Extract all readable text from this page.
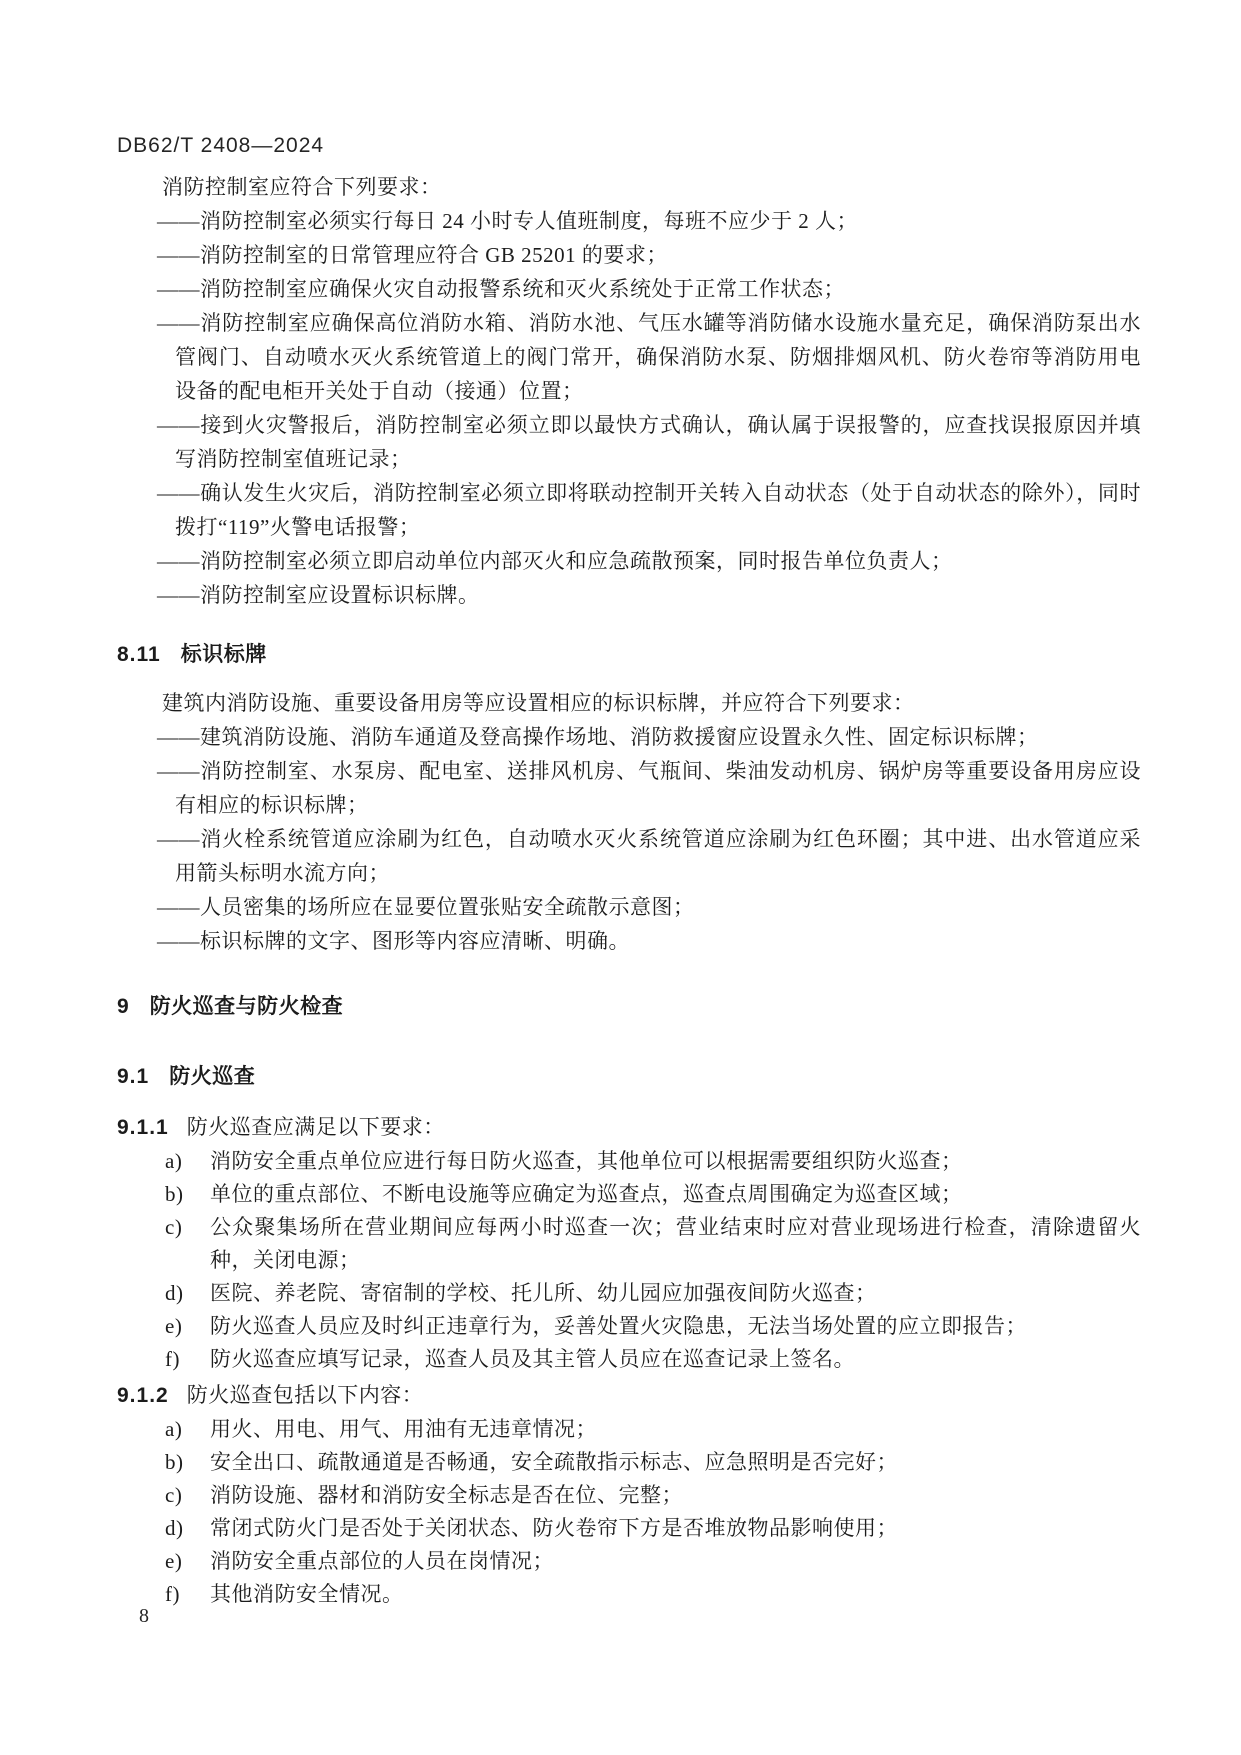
DB62/T 2408—2024
消防控制室应符合下列要求：
——消防控制室必须实行每日 24 小时专人值班制度，每班不应少于 2 人；
——消防控制室的日常管理应符合 GB 25201 的要求；
——消防控制室应确保火灾自动报警系统和灭火系统处于正常工作状态；
——消防控制室应确保高位消防水箱、消防水池、气压水罐等消防储水设施水量充足，确保消防泵出水管阀门、自动喷水灭火系统管道上的阀门常开，确保消防水泵、防烟排烟风机、防火卷帘等消防用电设备的配电柜开关处于自动（接通）位置；
——接到火灾警报后，消防控制室必须立即以最快方式确认，确认属于误报警的，应查找误报原因并填写消防控制室值班记录；
——确认发生火灾后，消防控制室必须立即将联动控制开关转入自动状态（处于自动状态的除外），同时拨打“119”火警电话报警；
——消防控制室必须立即启动单位内部灭火和应急疏散预案，同时报告单位负责人；
——消防控制室应设置标识标牌。
8.11 标识标牌
建筑内消防设施、重要设备用房等应设置相应的标识标牌，并应符合下列要求：
——建筑消防设施、消防车通道及登高操作场地、消防救援窗应设置永久性、固定标识标牌；
——消防控制室、水泵房、配电室、送排风机房、气瓶间、柴油发动机房、锅炉房等重要设备用房应设有相应的标识标牌；
——消火栓系统管道应涂刷为红色，自动喷水灭火系统管道应涂刷为红色环圈；其中进、出水管道应采用箭头标明水流方向；
——人员密集的场所应在显要位置张贴安全疏散示意图；
——标识标牌的文字、图形等内容应清晰、明确。
9 防火巡查与防火检查
9.1 防火巡查
9.1.1 防火巡查应满足以下要求：
a) 消防安全重点单位应进行每日防火巡查，其他单位可以根据需要组织防火巡查；
b) 单位的重点部位、不断电设施等应确定为巡查点，巡查点周围确定为巡查区域；
c) 公众聚集场所在营业期间应每两小时巡查一次；营业结束时应对营业现场进行检查，清除遗留火种，关闭电源；
d) 医院、养老院、寄宿制的学校、托儿所、幼儿园应加强夜间防火巡查；
e) 防火巡查人员应及时纠正违章行为，妥善处置火灾隐患，无法当场处置的应立即报告；
f) 防火巡查应填写记录，巡查人员及其主管人员应在巡查记录上签名。
9.1.2 防火巡查包括以下内容：
a) 用火、用电、用气、用油有无违章情况；
b) 安全出口、疏散通道是否畅通，安全疏散指示标志、应急照明是否完好；
c) 消防设施、器材和消防安全标志是否在位、完整；
d) 常闭式防火门是否处于关闭状态、防火卷帘下方是否堆放物品影响使用；
e) 消防安全重点部位的人员在岗情况；
f) 其他消防安全情况。
8
